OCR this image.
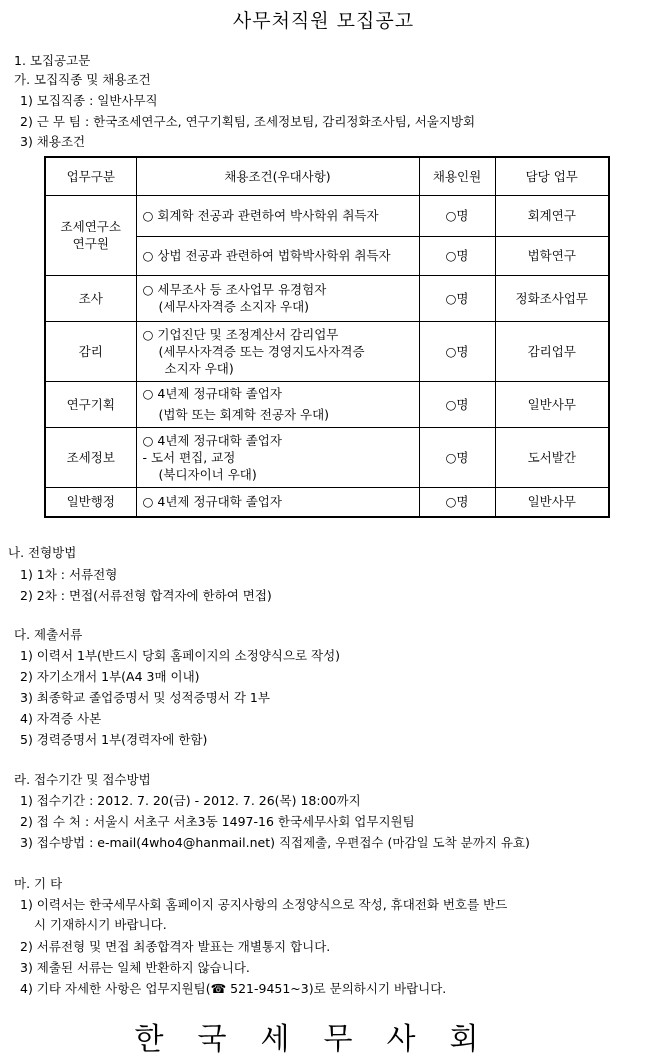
사무처직원 모집공고
1. 모집공고문
가. 모집직종 및 채용조건
1) 모집직종 : 일반사무직
2) 근 무 팀 : 한국조세연구소, 연구기획팀, 조세정보팀, 감리정화조사팀, 서울지방회
3) 채용조건
업무구분	채용조건(우대사항)	채용인원	담당 업무

조세연구소
연구원	○ 회계학 전공과 관련하여 박사학위 취득자	○명	회계연구

	○ 상법 전공과 관련하여 법학박사학위 취득자	○명	법학연구
조사	○ 세무조사 등 조사업무 유경험자
(세무사자격증 소지자 우대)	○명	정화조사업무
감리	○ 기업진단 및 조정계산서 감리업무
(세무사자격증 또는 경영지도사자격증
소지자 우대)	○명	감리업무
연구기획	○ 4년제 정규대학 졸업자
(법학 또는 회계학 전공자 우대)	○명	일반사무
조세정보	○ 4년제 정규대학 졸업자
- 도서 편집, 교정
(북디자이너 우대)	○명	도서발간
일반행정	○ 4년제 정규대학 졸업자	○명	일반사무
나. 전형방법
1) 1차 : 서류전형
2) 2차 : 면접(서류전형 합격자에 한하여 면접)
다. 제출서류
1) 이력서 1부(반드시 당회 홈페이지의 소정양식으로 작성)
2) 자기소개서 1부(A4 3매 이내)
3) 최종학교 졸업증명서 및 성적증명서 각 1부
4) 자격증 사본
5) 경력증명서 1부(경력자에 한함)
라. 접수기간 및 접수방법
1) 접수기간 : 2012. 7. 20(금) - 2012. 7. 26(목) 18:00까지
2) 접 수 처 : 서울시 서초구 서초3동 1497-16 한국세무사회 업무지원팀
3) 접수방법 : e-mail(4who4@hanmail.net) 직접제출, 우편접수 (마감일 도착 분까지 유효)
마. 기 타
1) 이력서는 한국세무사회 홈페이지 공지사항의 소정양식으로 작성, 휴대전화 번호를 반드
시 기재하시기 바랍니다.
2) 서류전형 및 면접 최종합격자 발표는 개별통지 합니다.
3) 제출된 서류는 일체 반환하지 않습니다.
4) 기타 자세한 사항은 업무지원팀(☎ 521-9451~3)로 문의하시기 바랍니다.
한국세무사회
